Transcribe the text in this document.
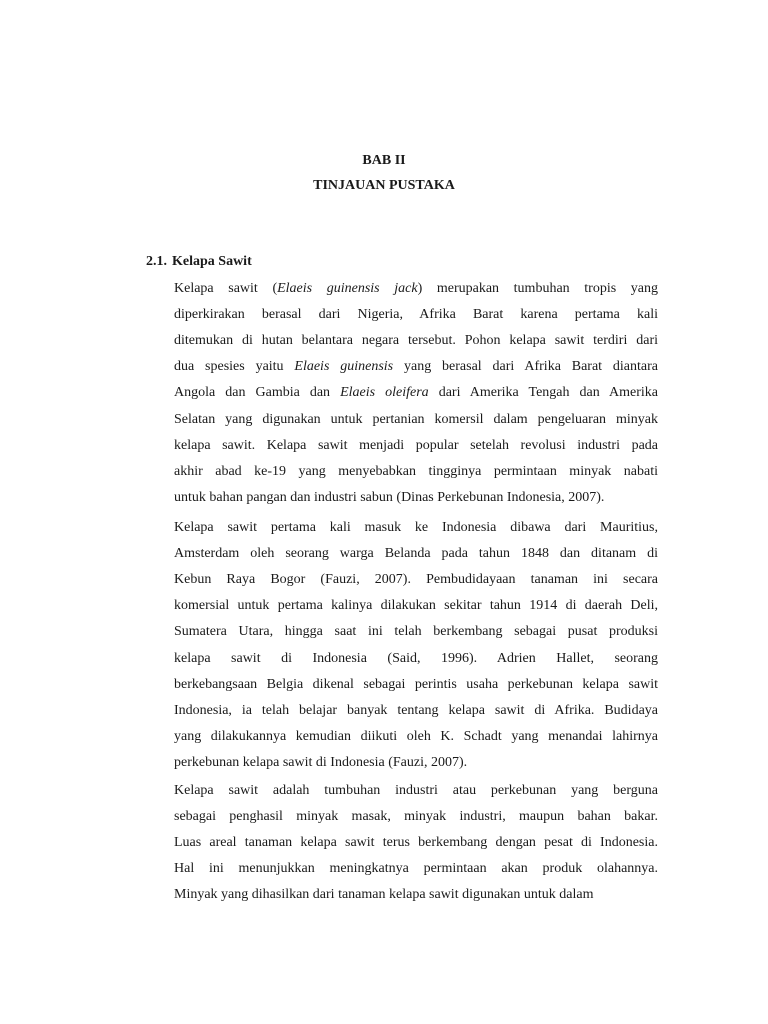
BAB II

TINJAUAN PUSTAKA

2.1. Kelapa Sawit

Kelapa sawit (Elaeis guinensis jack) merupakan tumbuhan tropis yang

diperkirakan berasal dari Nigeria, Afrika Barat karena pertama kali

ditemukan di hutan belantara negara tersebut. Pohon kelapa sawit terdiri dari

dua spesies yaitu Elaeis guinensis yang berasal dari Afrika Barat diantara

Angola dan Gambia dan Elaeis oleifera dari Amerika Tengah dan Amerika

Selatan yang digunakan untuk pertanian komersil dalam pengeluaran minyak

kelapa sawit. Kelapa sawit menjadi popular setelah revolusi industri pada

akhir abad ke-19 yang menyebabkan tingginya permintaan minyak nabati

untuk bahan pangan dan industri sabun (Dinas Perkebunan Indonesia, 2007).

Kelapa sawit pertama kali masuk ke Indonesia dibawa dari Mauritius,

Amsterdam oleh seorang warga Belanda pada tahun 1848 dan ditanam di

Kebun Raya Bogor (Fauzi, 2007). Pembudidayaan tanaman ini secara

komersial untuk pertama kalinya dilakukan sekitar tahun 1914 di daerah Deli,

Sumatera Utara, hingga saat ini telah berkembang sebagai pusat produksi

kelapa sawit di Indonesia (Said, 1996). Adrien Hallet, seorang

berkebangsaan Belgia dikenal sebagai perintis usaha perkebunan kelapa sawit

Indonesia, ia telah belajar banyak tentang kelapa sawit di Afrika. Budidaya

yang dilakukannya kemudian diikuti oleh K. Schadt yang menandai lahirnya

perkebunan kelapa sawit di Indonesia (Fauzi, 2007).

Kelapa sawit adalah tumbuhan industri atau perkebunan yang berguna

sebagai penghasil minyak masak, minyak industri, maupun bahan bakar.

Luas areal tanaman kelapa sawit terus berkembang dengan pesat di Indonesia.

Hal ini menunjukkan meningkatnya permintaan akan produk olahannya.

Minyak yang dihasilkan dari tanaman kelapa sawit digunakan untuk dalam
